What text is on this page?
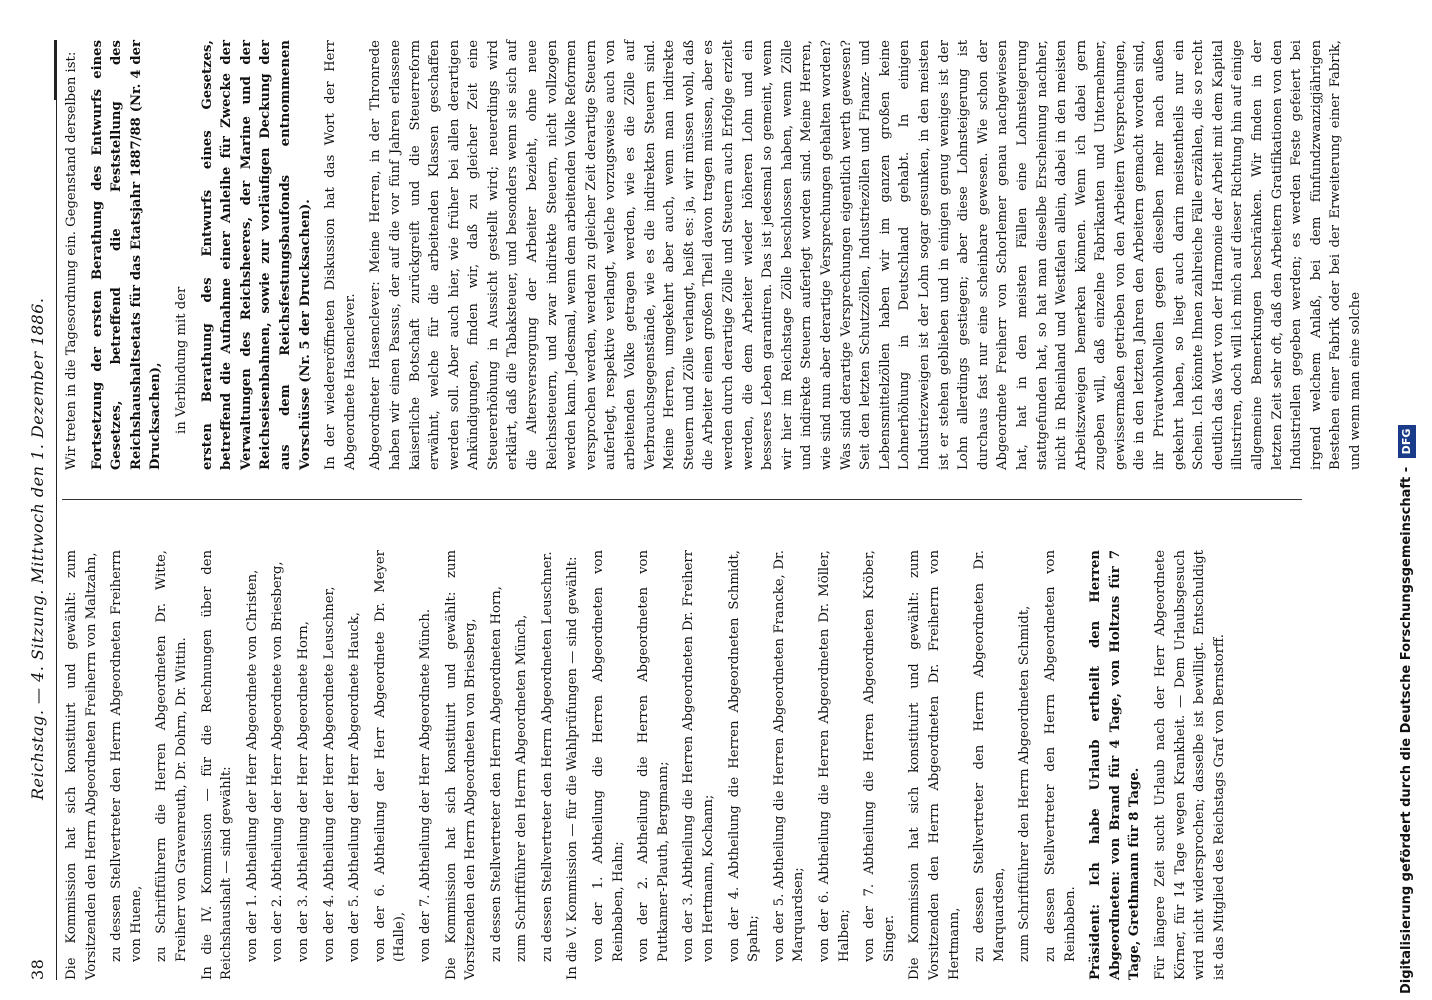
38
Reichstag. — 4. Sitzung. Mittwoch den 1. Dezember 1886. Die Kommission hat sich konstituirt und gewählt: zum Vorsitzenden den Herrn Abgeordneten Freiherrn von Maltzahn, zu dessen Stellvertreter den Herrn Abgeordneten Freiherrn von Huene, zu Schriftführern die Herren Abgeordneten Dr. Witte, Freiherr von Gravenreuth, Dr. Dohrn, Dr. Wittin. In die IV. Kommission — für die Rechnungen über den Reichshaushalt — sind gewählt: von der 1. Abtheilung der Herr Abgeordnete von Christen, von der 2. Abtheilung der Herr Abgeordnete von Briesberg, von der 3. Abtheilung der Herr Abgeordnete Horn, von der 4. Abtheilung der Herr Abgeordnete Leuschner, von der 5. Abtheilung der Herr Abgeordnete Hauck, von der 6. Abtheilung der Herr Abgeordnete Dr. Meyer (Halle), von der 7. Abtheilung der Herr Abgeordnete Münch. Die Kommission hat sich konstituirt und gewählt: zum Vorsitzenden den Herrn Abgeordneten von Briesberg, zu dessen Stellvertreter den Herrn Abgeordneten Horn, zum Schriftführer den Herrn Abgeordneten Münch, zu dessen Stellvertreter den Herrn Abgeordneten Leuschner. In die V. Kommission — für die Wahlprüfungen — sind gewählt: von der 1. Abtheilung die Herren Abgeordneten von Reinbaben, Hahn; von der 2. Abtheilung die Herren Abgeordneten von Puttkamer-Plauth, Bergmann; von der 3. Abtheilung die Herren Abgeordneten Dr. Freiherr von Hertmann, Kochann; von der 4. Abtheilung die Herren Abgeordneten Schmidt, Spahn; von der 5. Abtheilung die Herren Abgeordneten Francke, Dr. Marquardsen; von der 6. Abtheilung die Herren Abgeordneten Dr. Möller, Halben; von der 7. Abtheilung die Herren Abgeordneten Kröber, Singer. Die Kommission hat sich konstituirt und gewählt: zum Vorsitzenden den Herrn Abgeordneten Dr. Freiherrn von Hertmann, zu dessen Stellvertreter den Herrn Abgeordneten Dr. Marquardsen, zum Schriftführer den Herrn Abgeordneten Schmidt, zu dessen Stellvertreter den Herrn Abgeordneten von Reinbaben. Präsident: Ich habe Urlaub ertheilt den Herren Abgeordneten: von Brand für 4 Tage, von Holtzus für 7 Tage, Grethmann für 8 Tage. Für längere Zeit sucht Urlaub nach der Herr Abgeordnete Körner, für 14 Tage wegen Krankheit. — Dem Urlaubsgesuch wird nicht widersprochen; dasselbe ist bewilligt. Entschuldigt ist das Mitglied des Reichstags Graf von Bernstorff.

Wir treten in die Tagesordnung ein. Gegenstand derselben ist: Fortsetzung der ersten Berathung des Entwurfs eines Gesetzes, betreffend die Feststellung des Reichshaushaltsetats für das Etatsjahr 1887/88 (Nr. 4 der Drucksachen), in Verbindung mit der ersten Berathung des Entwurfs eines Gesetzes, betreffend die Aufnahme einer Anleihe für Zwecke der Verwaltungen des Reichsheeres, der Marine und der Reichseisenbahnen, sowie zur vorläufigen Deckung der aus dem Reichsfestungsbaufonds entnommenen Vorschüsse (Nr. 5 der Drucksachen). In der wiedereröffneten Diskussion hat das Wort der Herr Abgeordnete Hasenclever. Abgeordneter Hasenclever: Meine Herren, in der Thronrede haben wir einen Passus, der auf die vor fünf Jahren erlassene kaiserliche Botschaft zurückgreift und die Steuerreform erwähnt, welche für die arbeitenden Klassen geschaffen werden soll. Aber auch hier, wie früher bei allen derartigen Ankündigungen, finden wir, daß zu gleicher Zeit eine Steuererhöhung in Aussicht gestellt wird; neuerdings wird erklärt, daß die Tabaksteuer, und besonders wenn sie sich auf die Altersversorgung der Arbeiter bezieht, ohne neue Reichssteuern, und zwar indirekte Steuern, nicht vollzogen werden kann. Jedesmal, wenn dem arbeitenden Volke Reformen versprochen werden, werden zu gleicher Zeit derartige Steuern auferlegt, respektive verlangt, welche vorzugsweise auch von arbeitenden Volke getragen werden, wie es die Zölle auf Verbrauchsgegenstände, wie es die indirekten Steuern sind. Meine Herren, umgekehrt aber auch, wenn man indirekte Steuern und Zölle verlangt, heißt es: ja, wir müssen wohl, daß die Arbeiter einen großen Theil davon tragen müssen, aber es werden durch derartige Zölle und Steuern auch Erfolge erzielt werden, die dem Arbeiter wieder höheren Lohn und ein besseres Leben garantiren. Das ist jedesmal so gemeint, wenn wir hier im Reichstage Zölle beschlossen haben, wenn Zölle und indirekte Steuern auferlegt worden sind. Meine Herren, wie sind nun aber derartige Versprechungen gehalten worden? Was sind derartige Versprechungen eigentlich werth gewesen? Seit den letzten Schutzzöllen, Industriezöllen und Finanz- und Lebensmittelzöllen haben wir im ganzen großen keine Lohnerhöhung in Deutschland gehabt. In einigen Industriezweigen ist der Lohn sogar gesunken, in den meisten ist er stehen geblieben und in einigen genug weniges ist der Lohn allerdings gestiegen; aber diese Lohnsteigerung ist durchaus fast nur eine scheinbare gewesen. Wie schon der Abgeordnete Freiherr von Schorlemer genau nachgewiesen hat, hat in den meisten Fällen eine Lohnsteigerung stattgefunden hat, so hat man dieselbe Erscheinung nachher, nicht in Rheinland und Westfalen allein, dabei in den meisten Arbeitszweigen bemerken können. Wenn ich dabei gern zugeben will, daß einzelne Fabrikanten und Unternehmer, gewissermaßen getrieben von den Arbeitern Versprechungen, die in den letzten Jahren den Arbeitern gemacht worden sind, ihr Privatwohlwollen gegen dieselben mehr nach außen gekehrt haben, so liegt auch darin meistentheils nur ein Schein. Ich könnte Ihnen zahlreiche Fälle erzählen, die so recht deutlich das Wort von der Harmonie der Arbeit mit dem Kapital illustriren, doch will ich mich auf dieser Richtung hin auf einige allgemeine Bemerkungen beschränken. Wir finden in der letzten Zeit sehr oft, daß den Arbeitern Gratifikationen von den Industriellen gegeben werden; es werden Feste gefeiert bei irgend welchem Anlaß, bei dem fünfundzwanzigjährigen Bestehen einer Fabrik oder bei der Erweiterung einer Fabrik, und wenn man eine solche

Digitalisierung gefördert durch die Deutsche Forschungsgemeinschaft - DFG
